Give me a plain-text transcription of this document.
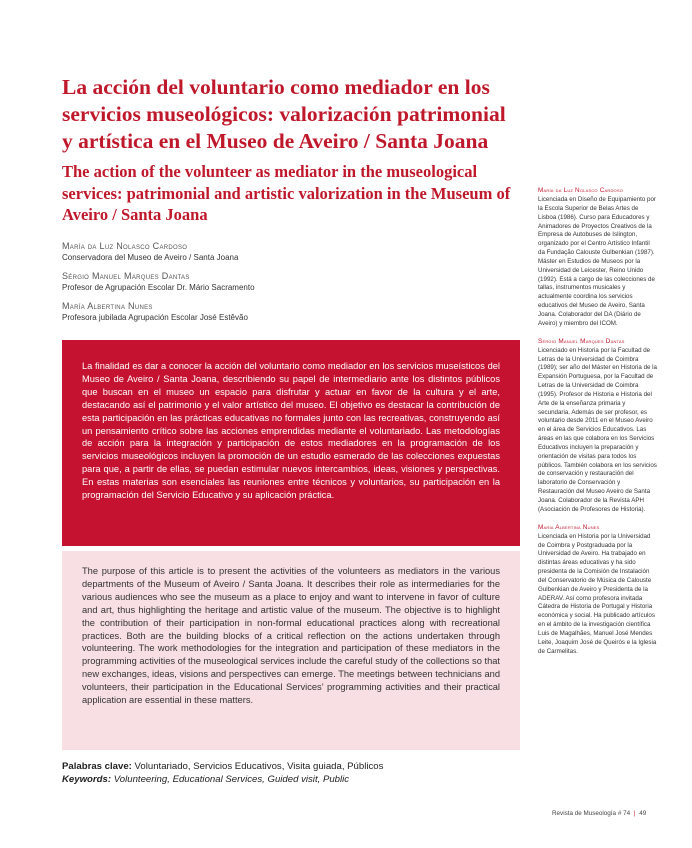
La acción del voluntario como mediador en los servicios museológicos: valorización patrimonial y artística en el Museo de Aveiro / Santa Joana
The action of the volunteer as mediator in the museological services: patrimonial and artistic valorization in the Museum of Aveiro / Santa Joana
María da Luz Nolasco Cardoso
Conservadora del Museo de Aveiro / Santa Joana
Sérgio Manuel Marques Dantas
Profesor de Agrupación Escolar Dr. Mário Sacramento
María Albertina Nunes
Profesora jubilada Agrupación Escolar José Estêvão

La finalidad es dar a conocer la acción del voluntario como mediador en los servicios museísticos del Museo de Aveiro / Santa Joana, describiendo su papel de intermediario ante los distintos públicos que buscan en el museo un espacio para disfrutar y actuar en favor de la cultura y el arte, destacando así el patrimonio y el valor artístico del museo. El objetivo es destacar la contribución de esta participación en las prácticas educativas no formales junto con las recreativas, construyendo así un pensamiento crítico sobre las acciones emprendidas mediante el voluntariado. Las metodologías de acción para la integración y participación de estos mediadores en la programación de los servicios museológicos incluyen la promoción de un estudio esmerado de las colecciones expuestas para que, a partir de ellas, se puedan estimular nuevos intercambios, ideas, visiones y perspectivas. En estas materias son esenciales las reuniones entre técnicos y voluntarios, su participación en la programación del Servicio Educativo y su aplicación práctica.

The purpose of this article is to present the activities of the volunteers as mediators in the various departments of the Museum of Aveiro / Santa Joana. It describes their role as intermediaries for the various audiences who see the museum as a place to enjoy and want to intervene in favor of culture and art, thus highlighting the heritage and artistic value of the museum. The objective is to highlight the contribution of their participation in non-formal educational practices along with recreational practices. Both are the building blocks of a critical reflection on the actions undertaken through volunteering. The work methodologies for the integration and participation of these mediators in the programming activities of the museological services include the careful study of the collections so that new exchanges, ideas, visions and perspectives can emerge. The meetings between technicians and volunteers, their participation in the Educational Services’ programming activities and their practical application are essential in these matters.

Palabras clave: Voluntariado, Servicios Educativos, Visita guiada, Públicos
Keywords: Volunteering, Educational Services, Guided visit, Public
María da Luz Nolasco Cardoso
Licenciada en Diseño de Equipamiento por la Escola Superior de Belas Artes de Lisboa (1986). Curso para Educadores y Animadores de Proyectos Creativos de la Empresa de Autobuses de Islington, organizado por el Centro Artístico Infantil da Fundação Calouste Gulbenkian (1987). Máster en Estudios de Museos por la Universidad de Leicester, Reino Unido (1992). Está a cargo de las colecciones de tallas, instrumentos musicales y actualmente coordina los servicios educativos del Museo de Aveiro, Santa Joana. Colaborador del DA (Diário de Aveiro) y miembro del ICOM.
Sérgio Manuel Marques Dantas
Licenciado en Historia por la Facultad de Letras de la Universidad de Coimbra (1989); ser año del Máster en Historia de la Expansión Portuguesa, por la Facultad de Letras de la Universidad de Coimbra (1995). Profesor de Historia e Historia del Arte de la enseñanza primaria y secundaria. Además de ser profesor, es voluntario desde 2011 en el Museo Aveiro en el área de Servicios Educativos. Las áreas en las que colabora en los Servicios Educativos incluyen la preparación y orientación de visitas para todos los públicos. También colabora en los servicios de conservación y restauración del laboratorio de Conservación y Restauración del Museo Aveiro de Santa Joana. Colaborador de la Revista APH (Asociación de Profesores de Historia).
María Albertina Nunes
Licenciada en Historia por la Universidad de Coimbra y Postgraduada por la Universidad de Aveiro. Ha trabajado en distintas áreas educativas y ha sido presidenta de la Comisión de Instalación del Conservatorio de Música de Calouste Gulbenkian de Aveiro y Presidenta de la ADERAV. Así como profesora invitada Cátedra de Historia de Portugal y Historia económica y social. Ha publicado artículos en el ámbito de la investigación científica Luis de Magalhães, Manuel José Mendes Leite, Joaquim José de Queirós e la Iglesia de Carmelitas.
Revista de Museología # 74 | 49
